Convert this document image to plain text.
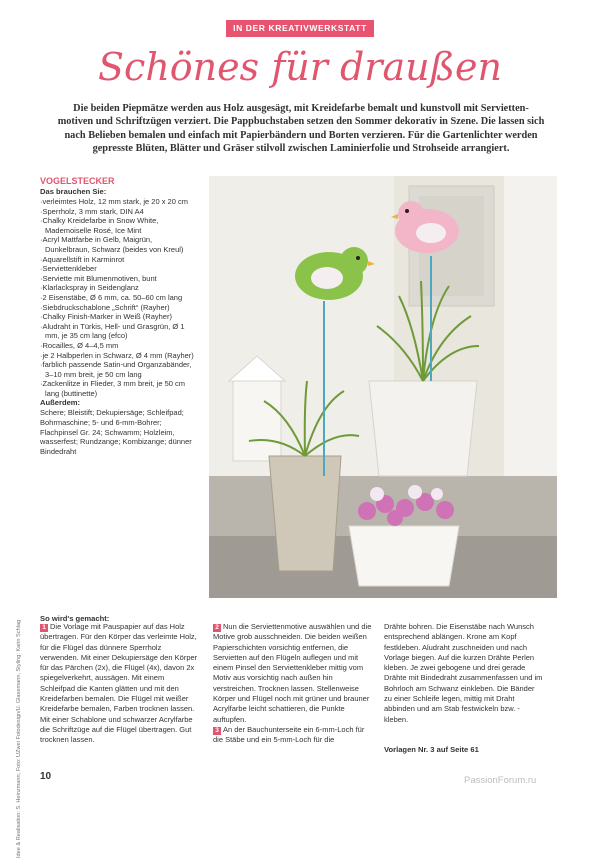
IN DER KREATIVWERKSTATT
Schönes für draußen
Die beiden Piepmätze werden aus Holz ausgesägt, mit Kreidefarbe bemalt und kunstvoll mit Servietten-motiven und Schriftzügen verziert. Die Pappbuchstaben setzen den Sommer dekorativ in Szene. Die lassen sich nach Belieben bemalen und einfach mit Papierbändern und Borten verzieren. Für die Gartenlichter werden gepresste Blüten, Blätter und Gräser stilvoll zwischen Laminierfolie und Strohseide arrangiert.
VOGELSTECKER
Das brauchen Sie:
· verleimtes Holz, 12 mm stark, je 20 x 20 cm
· Sperrholz, 3 mm stark, DIN A4
· Chalky Kreidefarbe in Snow White, Mademoiselle Rosé, Ice Mint
· Acryl Mattfarbe in Gelb, Maigrün, Dunkelbraun, Schwarz (beides von Kreul)
· Aquarellstift in Karminrot
· Serviettenkleber
· Serviette mit Blumenmotiven, bunt
· Klarlackspray in Seidenglanz
· 2 Eisenstäbe, Ø 6 mm, ca. 50–60 cm lang
· Siebdruckschablone „Schrift“ (Rayher)
· Chalky Finish-Marker in Weiß (Rayher)
· Aludraht in Türkis, Hell- und Grasgrün, Ø 1 mm, je 35 cm lang (efco)
· Rocailles, Ø 4–4,5 mm
· je 2 Halbperlen in Schwarz, Ø 4 mm (Rayher)
· farblich passende Satin-und Organzabänder, 3–10 mm breit, je 50 cm lang
· Zackenlitze in Flieder, 3 mm breit, je 50 cm lang (buttinette)
Außerdem:
Schere; Bleistift; Dekupiersäge; Schleifpad; Bohrmaschine; 5- und 6-mm-Bohrer; Flachpinsel Gr. 24; Schwamm; Holzleim, wasserfest; Rundzange; Kombizange; dünner Bindedraht
Idee & Realisation: S. Heinzmann; Foto: UZwei Fotodesign/U. Glasemann, Styling: Karin Schlag
So wird's gemacht:

1 Die Vorlage mit Pauspapier auf das Holz übertragen. Für den Körper das verleimte Holz, für die Flügel das dünnere Sperrholz verwenden. Mit einer Dekupiersäge den Körper für das Pärchen (2x), die Flügel (4x), davon 2x spiegelverkehrt, aussägen. Mit einem Schleifpad die Kanten glätten und mit den Kreidefarben bemalen. Die Flügel mit weißer Kreidefarbe bemalen, Farben trocknen lassen. Mit einer Schablone und schwarzer Acrylfarbe die Schriftzüge auf die Flügel übertragen. Gut trocknen lassen.

2 Nun die Serviettenmotive auswählen und die Motive grob ausschneiden. Die beiden weißen Papierschichten vorsichtig entfernen, die Servietten auf den Flügeln auflegen und mit einem Pinsel den Serviettenkleber mittig vom Motiv aus vorsichtig nach außen hin verstreichen. Trocknen lassen. Stellenweise Körper und Flügel noch mit grüner und brauner Acrylfarbe leicht schattieren, die Punkte auftupfen.

3 An der Bauchunterseite ein 6-mm-Loch für die Stäbe und ein 5-mm-Loch für die

Drähte bohren. Die Eisenstäbe nach Wunsch entsprechend ablängen. Krone am Kopf festkleben. Aludraht zuschneiden und nach Vorlage biegen. Auf die kurzen Drähte Perlen kleben. Je zwei gebogene und drei gerade Drähte mit Bindedraht zusammenfassen und im Bohrloch am Schwanz einkleben. Die Bänder zu einer Schleife legen, mittig mit Draht abbinden und am Stab festwickeln bzw. -kleben.

Vorlagen Nr. 3 auf Seite 61
10	PassionForum.ru
